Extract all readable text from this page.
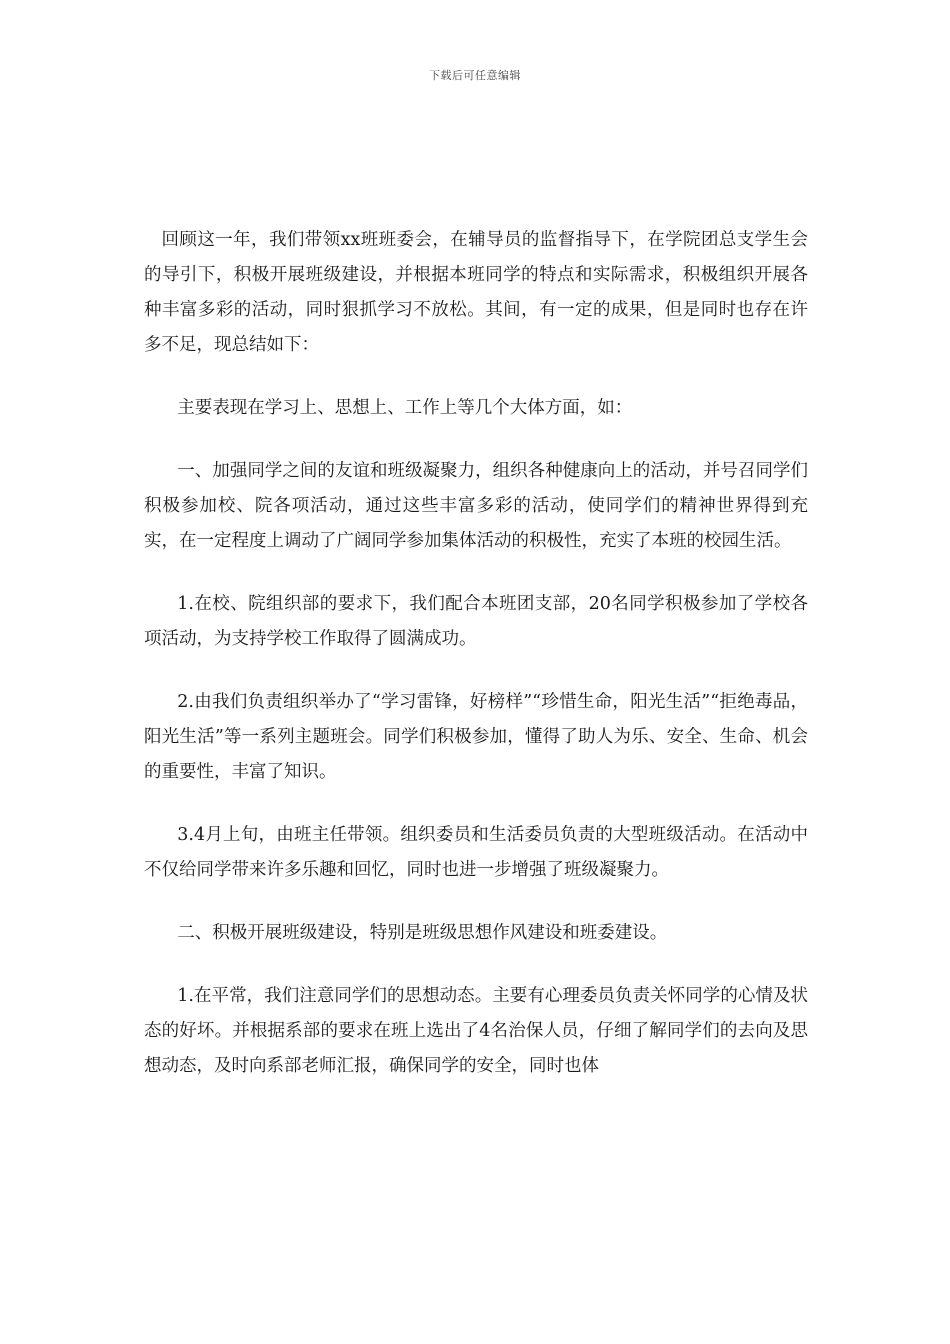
下载后可任意编辑

回顾这一年，我们带领xx班班委会，在辅导员的监督指导下，在学院团总支学生会的导引下，积极开展班级建设，并根据本班同学的特点和实际需求，积极组织开展各种丰富多彩的活动，同时狠抓学习不放松。其间，有一定的成果，但是同时也存在许多不足，现总结如下：

主要表现在学习上、思想上、工作上等几个大体方面，如：

一、加强同学之间的友谊和班级凝聚力，组织各种健康向上的活动，并号召同学们积极参加校、院各项活动，通过这些丰富多彩的活动，使同学们的精神世界得到充实，在一定程度上调动了广阔同学参加集体活动的积极性，充实了本班的校园生活。

1.在校、院组织部的要求下，我们配合本班团支部，20名同学积极参加了学校各项活动，为支持学校工作取得了圆满成功。

2.由我们负责组织举办了“学习雷锋，好榜样”“珍惜生命，阳光生活”“拒绝毒品，阳光生活”等一系列主题班会。同学们积极参加，懂得了助人为乐、安全、生命、机会的重要性，丰富了知识。

3.4月上旬，由班主任带领。组织委员和生活委员负责的大型班级活动。在活动中不仅给同学带来许多乐趣和回忆，同时也进一步增强了班级凝聚力。

二、积极开展班级建设，特别是班级思想作风建设和班委建设。

1.在平常，我们注意同学们的思想动态。主要有心理委员负责关怀同学的心情及状态的好坏。并根据系部的要求在班上选出了4名治保人员，仔细了解同学们的去向及思想动态，及时向系部老师汇报，确保同学的安全，同时也体
